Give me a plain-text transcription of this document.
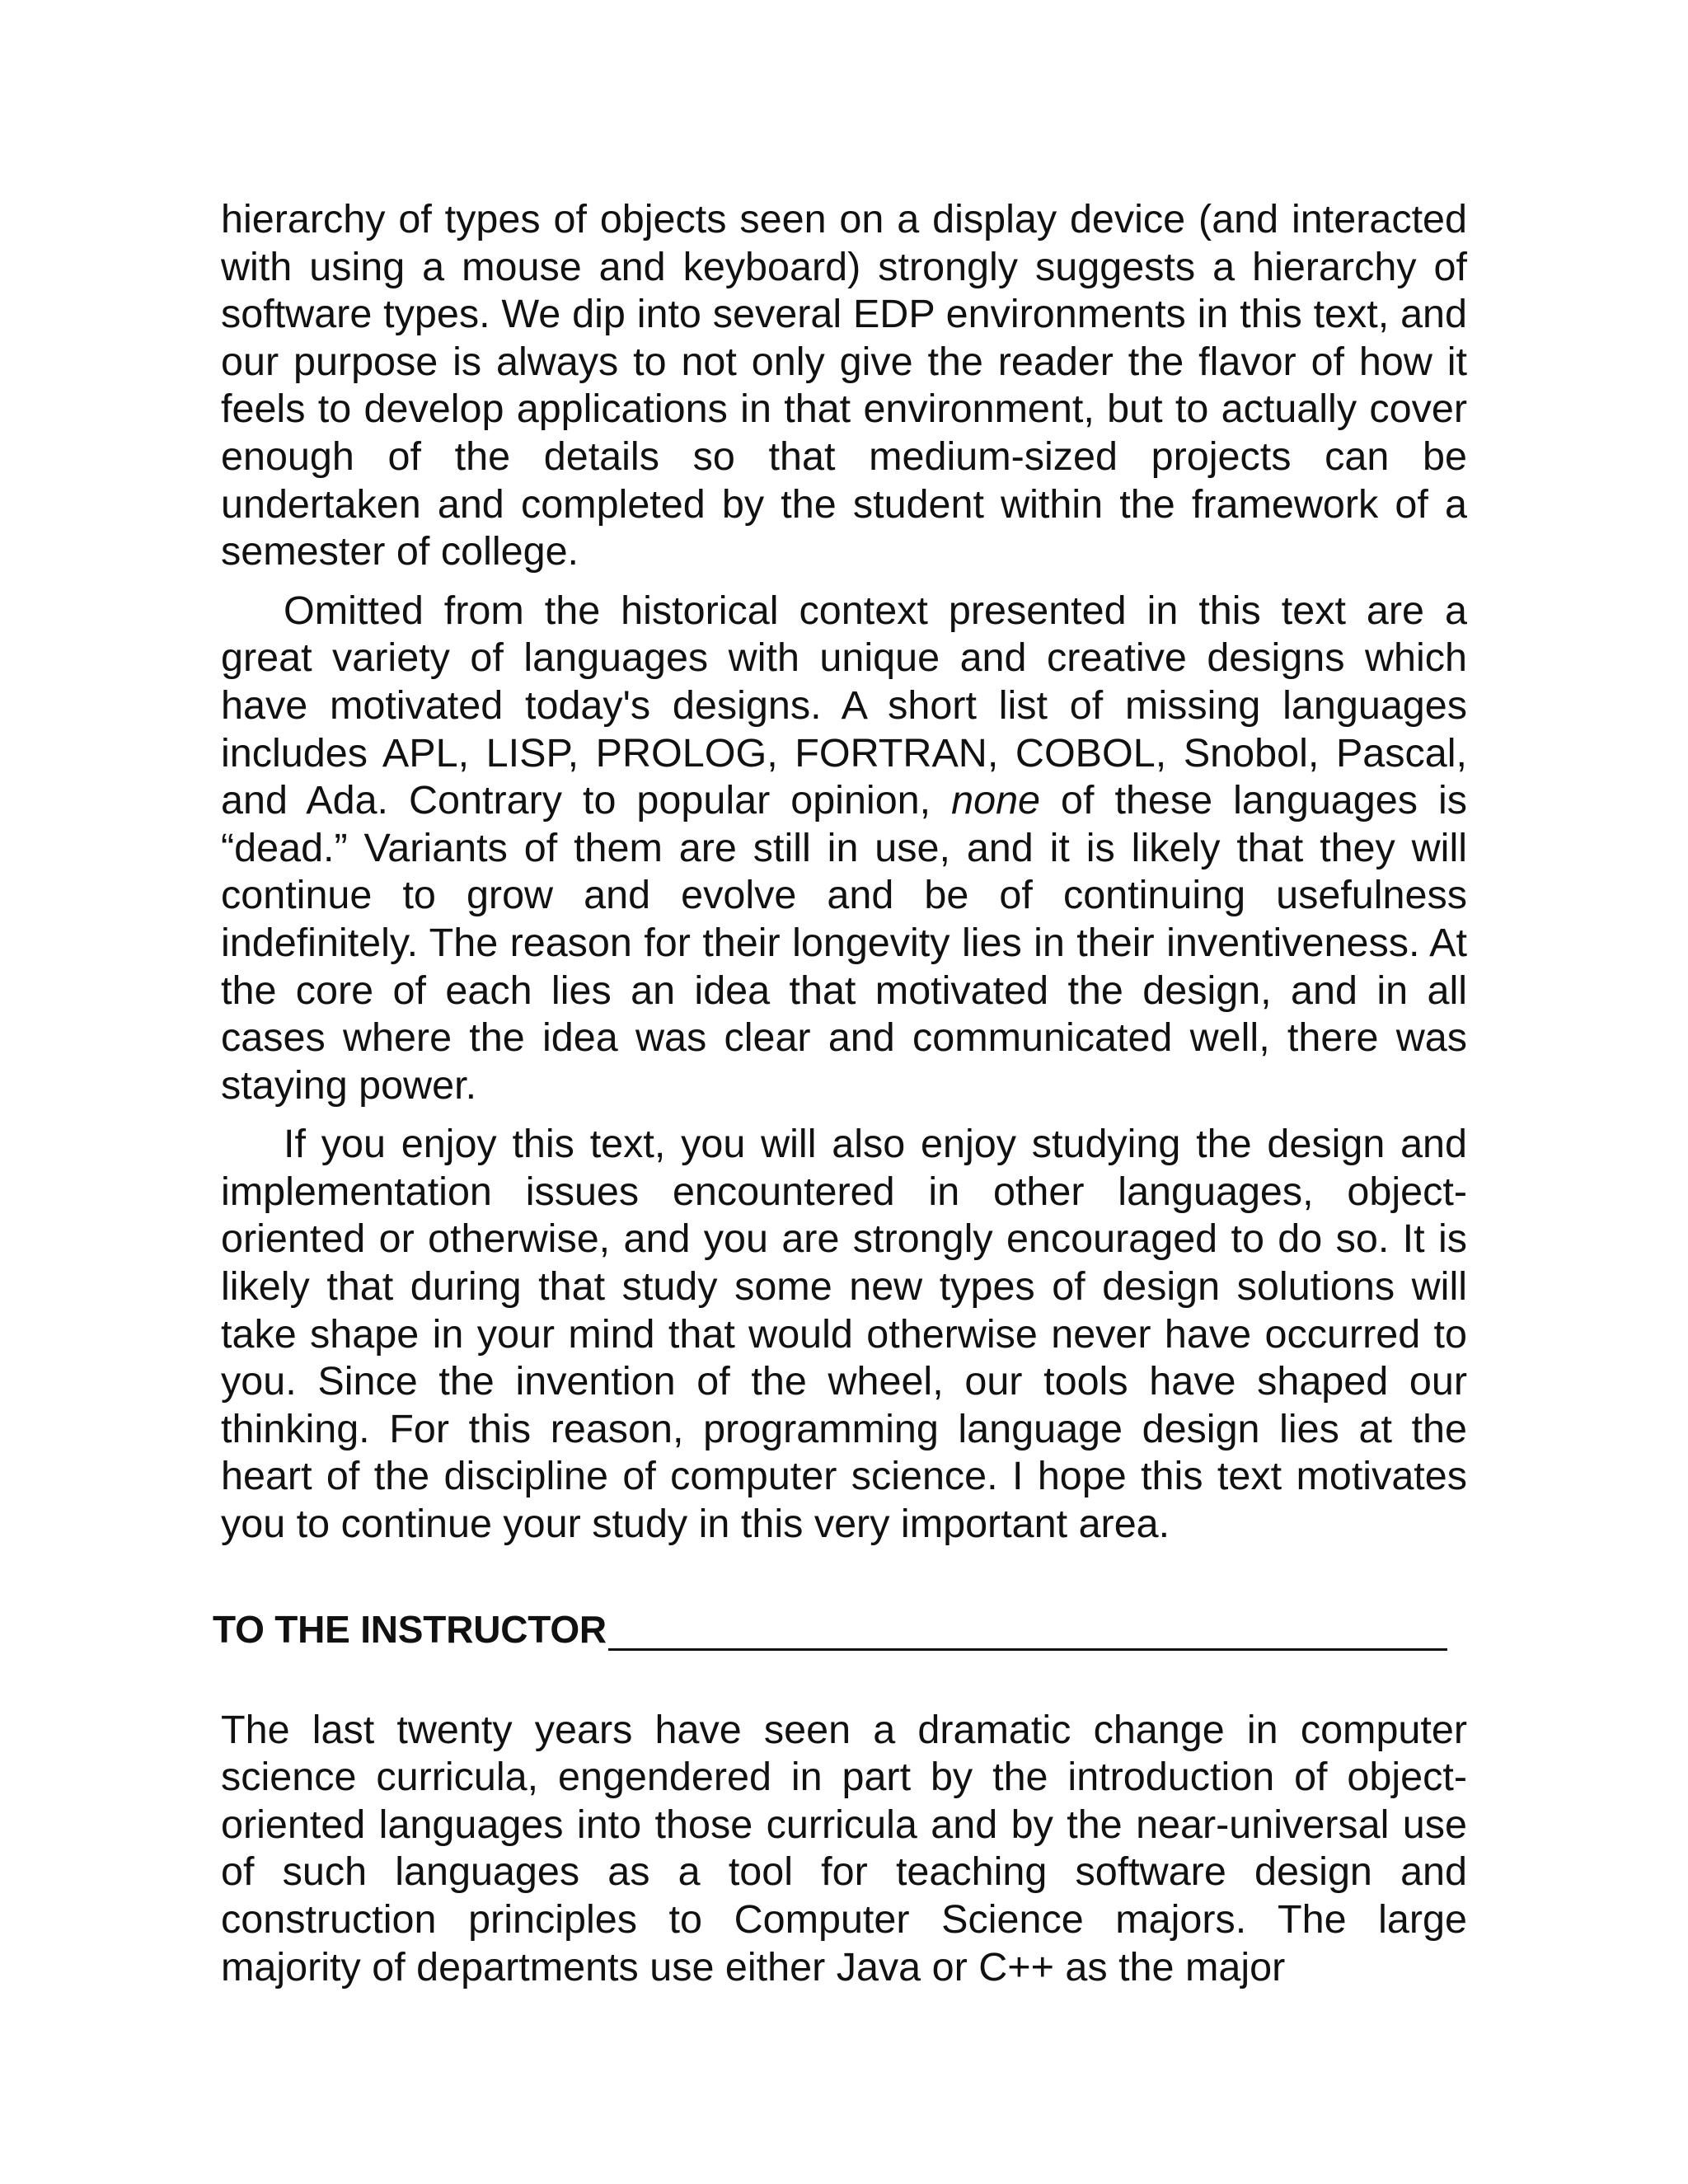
hierarchy of types of objects seen on a display device (and interacted with using a mouse and keyboard) strongly suggests a hierarchy of software types. We dip into several EDP environments in this text, and our purpose is always to not only give the reader the flavor of how it feels to develop applications in that environment, but to actually cover enough of the details so that medium-sized projects can be undertaken and completed by the student within the framework of a semester of college.

Omitted from the historical context presented in this text are a great variety of languages with unique and creative designs which have motivated today's designs. A short list of missing languages includes APL, LISP, PROLOG, FORTRAN, COBOL, Snobol, Pascal, and Ada. Contrary to popular opinion, none of these languages is “dead.” Variants of them are still in use, and it is likely that they will continue to grow and evolve and be of continuing usefulness indefinitely. The reason for their longevity lies in their inventiveness. At the core of each lies an idea that motivated the design, and in all cases where the idea was clear and communicated well, there was staying power.

If you enjoy this text, you will also enjoy studying the design and implementation issues encountered in other languages, object-oriented or otherwise, and you are strongly encouraged to do so. It is likely that during that study some new types of design solutions will take shape in your mind that would otherwise never have occurred to you. Since the invention of the wheel, our tools have shaped our thinking. For this reason, programming language design lies at the heart of the discipline of computer science. I hope this text motivates you to continue your study in this very important area.

TO THE INSTRUCTOR

The last twenty years have seen a dramatic change in computer science curricula, engendered in part by the introduction of object-oriented languages into those curricula and by the near-universal use of such languages as a tool for teaching software design and construction principles to Computer Science majors. The large majority of departments use either Java or C++ as the major
